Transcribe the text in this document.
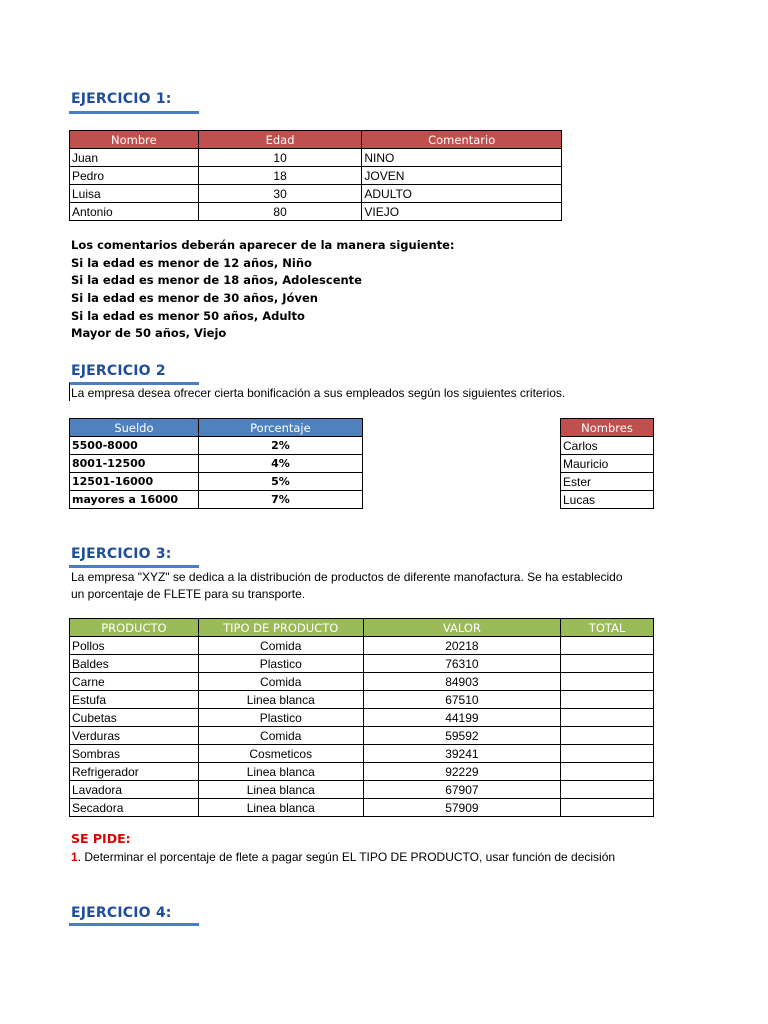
EJERCICIO 1:
Nombre	Edad	Comentario
Juan	10	NINO
Pedro	18	JOVEN
Luisa	30	ADULTO
Antonio	80	VIEJO
Los comentarios deberán aparecer de la manera siguiente:
Si la edad es menor de 12 años, Niño
Si la edad es menor de 18 años, Adolescente
Si la edad es menor de 30 años, Jóven
Si la edad es menor 50 años, Adulto
Mayor de 50 años, Viejo
EJERCICIO 2
La empresa desea ofrecer cierta bonificación a sus empleados según los siguientes criterios.
Sueldo	Porcentaje
5500-8000	2%
8001-12500	4%
12501-16000	5%
mayores a 16000	7%
Nombres
Carlos
Mauricio
Ester
Lucas
EJERCICIO 3:
La empresa "XYZ" se dedica a la distribución de productos de diferente manofactura. Se ha establecido
un porcentaje de FLETE para su transporte.
PRODUCTO	TIPO DE PRODUCTO	VALOR	TOTAL
Pollos	Comida	20218	
Baldes	Plastico	76310	
Carne	Comida	84903	
Estufa	Linea blanca	67510	
Cubetas	Plastico	44199	
Verduras	Comida	59592	
Sombras	Cosmeticos	39241	
Refrigerador	Linea blanca	92229	
Lavadora	Linea blanca	67907	
Secadora	Linea blanca	57909	
SE PIDE:
1. Determinar el porcentaje de flete a pagar según EL TIPO DE PRODUCTO, usar función de decisión
EJERCICIO 4:
